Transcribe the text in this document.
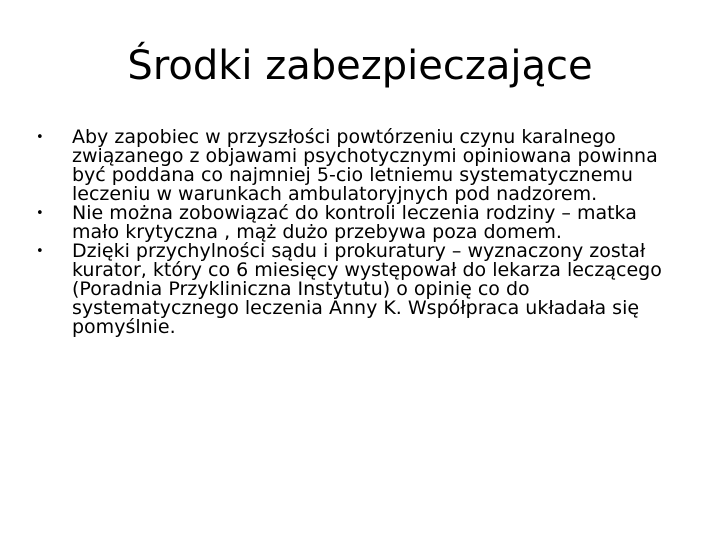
Środki zabezpieczające
• Aby zapobiec w przyszłości powtórzeniu czynu karalnego związanego z objawami psychotycznymi opiniowana powinna być poddana co najmniej 5-cio letniemu systematycznemu leczeniu w warunkach ambulatoryjnych pod nadzorem.
• Nie można zobowiązać do kontroli leczenia rodziny – matka mało krytyczna , mąż dużo przebywa poza domem.
• Dzięki przychylności sądu i prokuratury – wyznaczony został kurator, który co 6 miesięcy występował do lekarza leczącego (Poradnia Przykliniczna Instytutu) o opinię co do systematycznego leczenia Anny K. Współpraca układała się pomyślnie.
